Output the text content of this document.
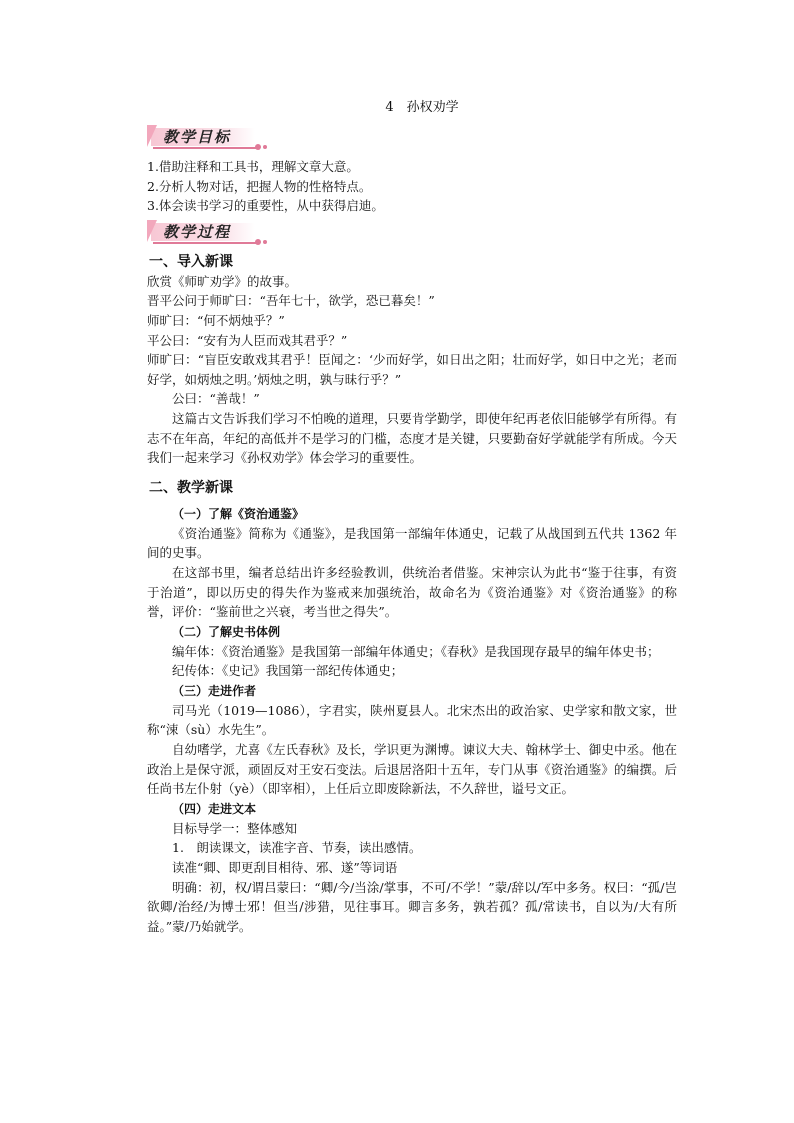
4　孙权劝学
教学目标

1.借助注释和工具书，理解文章大意。

2.分析人物对话，把握人物的性格特点。

3.体会读书学习的重要性，从中获得启迪。

教学过程

一、导入新课

欣赏《师旷劝学》的故事。

晋平公问于师旷曰：“吾年七十，欲学，恐已暮矣！”

师旷曰：“何不炳烛乎？”

平公曰：“安有为人臣而戏其君乎？”

师旷曰：“盲臣安敢戏其君乎！臣闻之：‘少而好学，如日出之阳；壮而好学，如日中之光；老而好学，如炳烛之明。’炳烛之明，孰与昧行乎？”

公曰：“善哉！”

这篇古文告诉我们学习不怕晚的道理，只要肯学勤学，即使年纪再老依旧能够学有所得。有志不在年高，年纪的高低并不是学习的门槛，态度才是关键，只要勤奋好学就能学有所成。今天我们一起来学习《孙权劝学》体会学习的重要性。

二、教学新课

（一）了解《资治通鉴》

《资治通鉴》简称为《通鉴》，是我国第一部编年体通史，记载了从战国到五代共 1362 年间的史事。

在这部书里，编者总结出许多经验教训，供统治者借鉴。宋神宗认为此书“鉴于往事，有资于治道”，即以历史的得失作为鉴戒来加强统治，故命名为《资治通鉴》对《资治通鉴》的称誉，评价：“鉴前世之兴衰，考当世之得失”。

（二）了解史书体例

编年体：《资治通鉴》是我国第一部编年体通史；《春秋》是我国现存最早的编年体史书；

纪传体：《史记》我国第一部纪传体通史；

（三）走进作者

司马光（1019—1086），字君实，陕州夏县人。北宋杰出的政治家、史学家和散文家，世称“涑（sù）水先生”。

自幼嗜学，尤喜《左氏春秋》及长，学识更为渊博。谏议大夫、翰林学士、御史中丞。他在政治上是保守派，顽固反对王安石变法。后退居洛阳十五年，专门从事《资治通鉴》的编撰。后任尚书左仆射（yè）（即宰相），上任后立即废除新法，不久辞世，谥号文正。

（四）走进文本

目标导学一：整体感知

1.　朗读课文，读准字音、节奏，读出感情。

读准“卿、即更刮目相待、邪、遂”等词语

明确：初，权/谓吕蒙曰：“卿/今/当涂/掌事，不可/不学！”蒙/辞以/军中多务。权曰：“孤/岂欲卿/治经/为博士邪！但当/涉猎，见往事耳。卿言多务，孰若孤？孤/常读书，自以为/大有所益。”蒙/乃始就学。
